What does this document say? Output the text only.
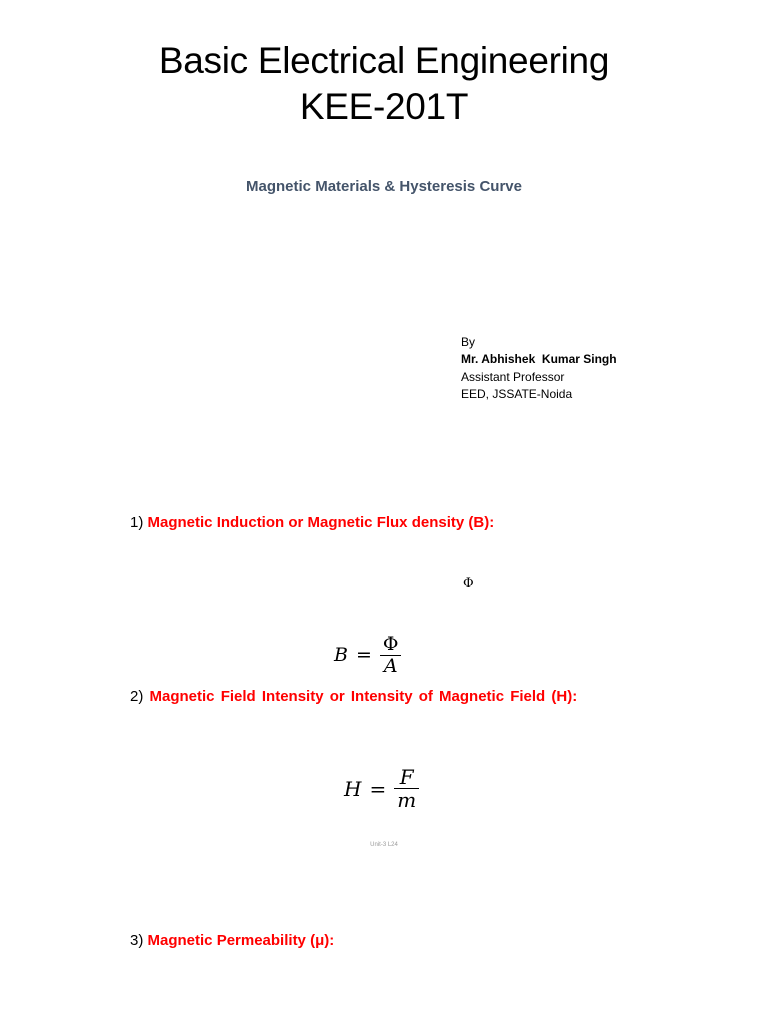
Basic Electrical Engineering
KEE-201T
Magnetic Materials & Hysteresis Curve
By
Mr. Abhishek  Kumar Singh
Assistant Professor
EED, JSSATE-Noida
1) Magnetic Induction or Magnetic Flux density (B):
Φ
$B = \frac{\Phi}{A}$
2) Magnetic Field Intensity or Intensity of Magnetic Field (H):
$H = \frac{F}{m}$
Unit-3 L24
3) Magnetic Permeability (μ):
